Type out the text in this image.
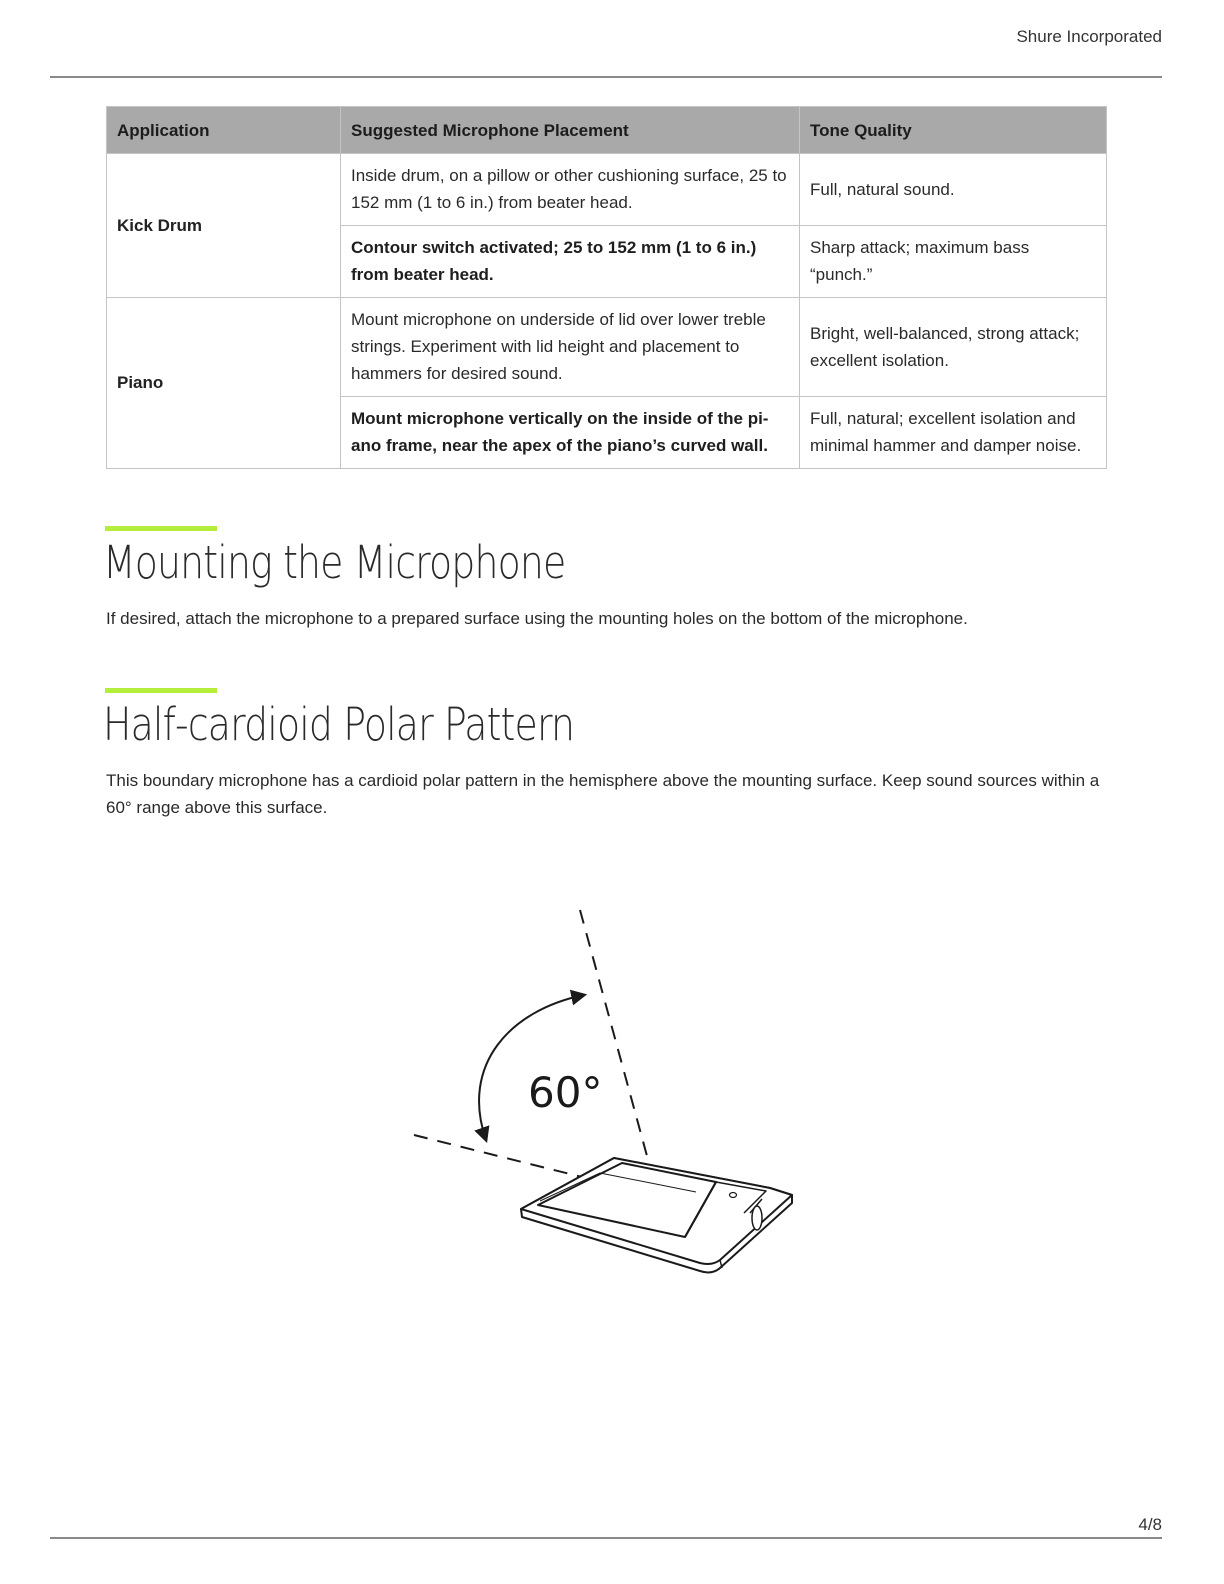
Shure Incorporated
Application	Suggested Microphone Placement	Tone Quality
Kick Drum	Inside drum, on a pillow or other cushioning surface, 25 to 152 mm (1 to 6 in.) from beater head.	Full, natural sound.
	Contour switch activated; 25 to 152 mm (1 to 6 in.) from beater head.	Sharp attack; maximum bass “punch.”
Piano	Mount microphone on underside of lid over lower treble strings. Experiment with lid height and placement to hammers for desired sound.	Bright, well-balanced, strong attack; excellent isolation.
	Mount microphone vertically on the inside of the pi-ano frame, near the apex of the piano’s curved wall.	Full, natural; excellent isolation and minimal hammer and damper noise.
Mounting the Microphone

If desired, attach the microphone to a prepared surface using the mounting holes on the bottom of the microphone.

Half-cardioid Polar Pattern

This boundary microphone has a cardioid polar pattern in the hemisphere above the mounting surface. Keep sound sources within a 60° range above this surface.

60°
4/8
